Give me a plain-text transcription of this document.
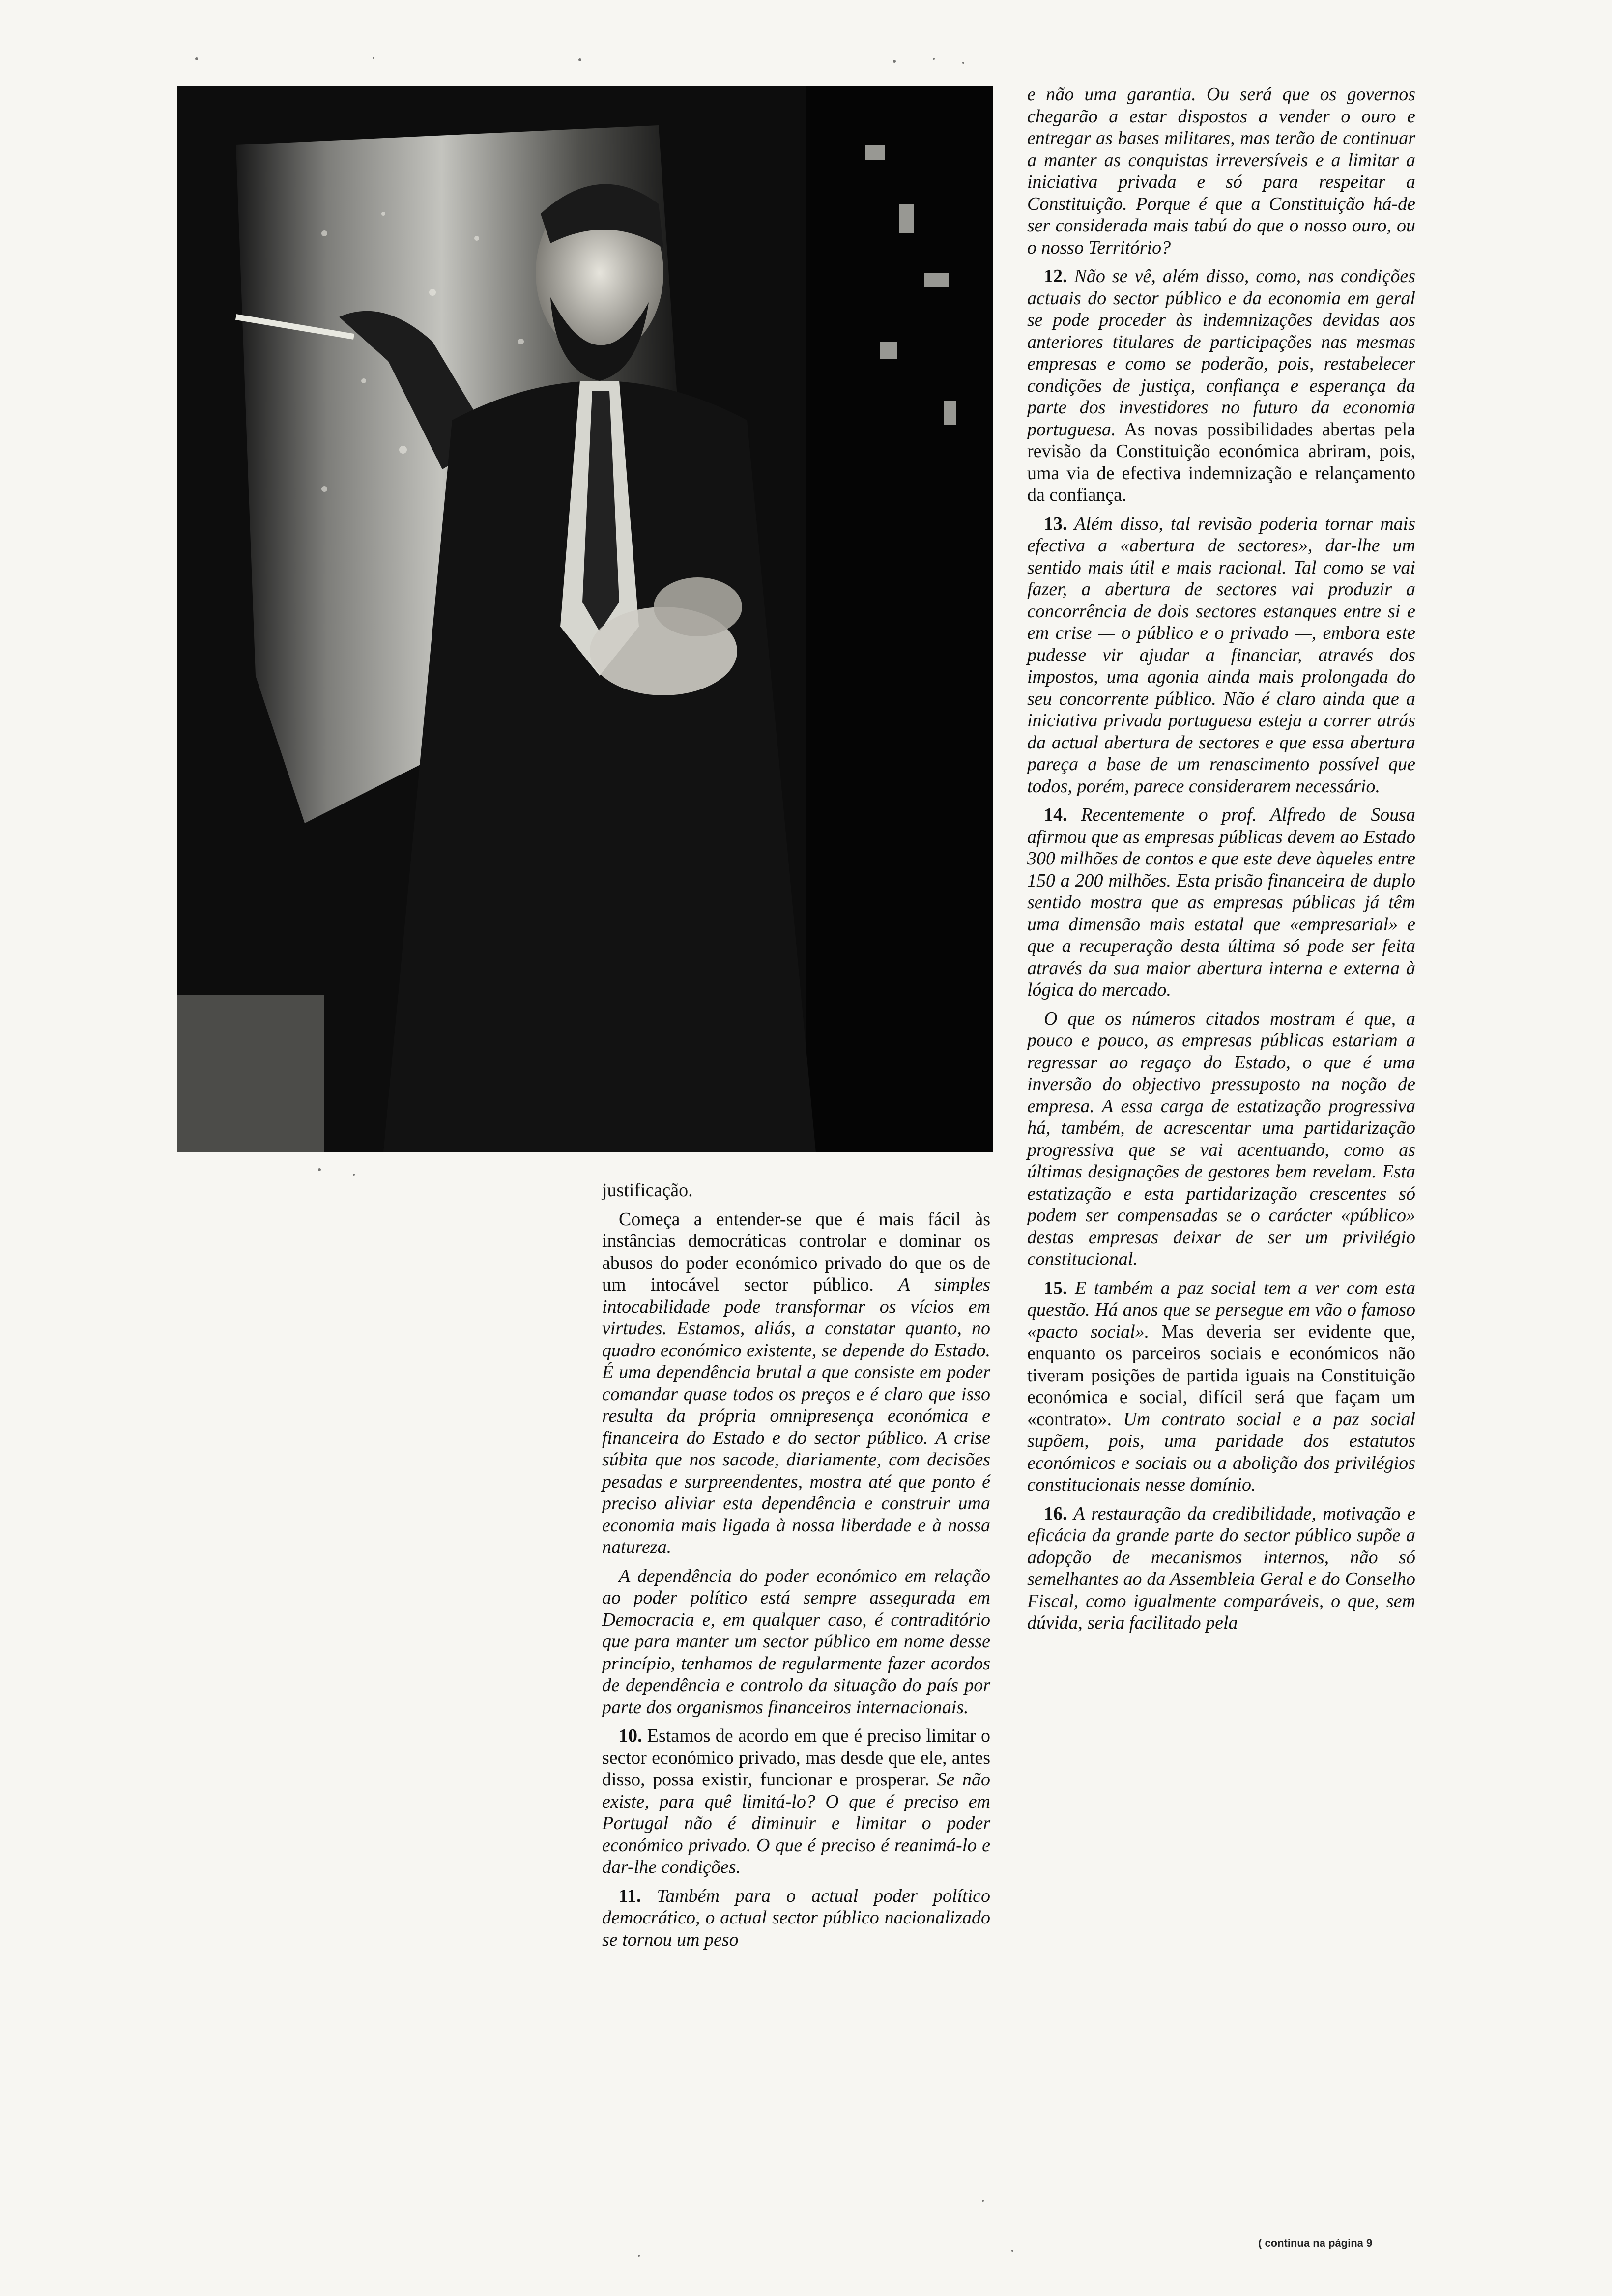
e não uma garantia. Ou será que os governos chegarão a estar dispostos a vender o ouro e entregar as bases militares, mas terão de continuar a manter as conquistas irreversíveis e a limitar a iniciativa privada e só para respeitar a Constituição. Porque é que a Constituição há-de ser considerada mais tabú do que o nosso ouro, ou o nosso Território?

12. Não se vê, além disso, como, nas condições actuais do sector público e da economia em geral se pode proceder às indemnizações devidas aos anteriores titulares de participações nas mesmas empresas e como se poderão, pois, restabelecer condições de justiça, confiança e esperança da parte dos investidores no futuro da economia portuguesa. As novas possibilidades abertas pela revisão da Constituição económica abriram, pois, uma via de efectiva indemnização e relançamento da confiança.

13. Além disso, tal revisão poderia tornar mais efectiva a «abertura de sectores», dar-lhe um sentido mais útil e mais racional. Tal como se vai fazer, a abertura de sectores vai produzir a concorrência de dois sectores estanques entre si e em crise — o público e o privado —, embora este pudesse vir ajudar a financiar, através dos impostos, uma agonia ainda mais prolongada do seu concorrente público. Não é claro ainda que a iniciativa privada portuguesa esteja a correr atrás da actual abertura de sectores e que essa abertura pareça a base de um renascimento possível que todos, porém, parece considerarem necessário.

14. Recentemente o prof. Alfredo de Sousa afirmou que as empresas públicas devem ao Estado 300 milhões de contos e que este deve àqueles entre 150 a 200 milhões. Esta prisão financeira de duplo sentido mostra que as empresas públicas já têm uma dimensão mais estatal que «empresarial» e que a recuperação desta última só pode ser feita através da sua maior abertura interna e externa à lógica do mercado.

O que os números citados mostram é que, a pouco e pouco, as empresas públicas estariam a regressar ao regaço do Estado, o que é uma inversão do objectivo pressuposto na noção de empresa. A essa carga de estatização progressiva há, também, de acrescentar uma partidarização progressiva que se vai acentuando, como as últimas designações de gestores bem revelam. Esta estatização e esta partidarização crescentes só podem ser compensadas se o carácter «público» destas empresas deixar de ser um privilégio constitucional.

15. E também a paz social tem a ver com esta questão. Há anos que se persegue em vão o famoso «pacto social». Mas deveria ser evidente que, enquanto os parceiros sociais e económicos não tiveram posições de partida iguais na Constituição económica e social, difícil será que façam um «contrato». Um contrato social e a paz social supõem, pois, uma paridade dos estatutos económicos e sociais ou a abolição dos privilégios constitucionais nesse domínio.

16. A restauração da credibilidade, motivação e eficácia da grande parte do sector público supõe a adopção de mecanismos internos, não só semelhantes ao da Assembleia Geral e do Conselho Fiscal, como igualmente comparáveis, o que, sem dúvida, seria facilitado pela

justificação.

Começa a entender-se que é mais fácil às instâncias democráticas controlar e dominar os abusos do poder económico privado do que os de um intocável sector público. A simples intocabilidade pode transformar os vícios em virtudes. Estamos, aliás, a constatar quanto, no quadro económico existente, se depende do Estado. É uma dependência brutal a que consiste em poder comandar quase todos os preços e é claro que isso resulta da própria omnipresença económica e financeira do Estado e do sector público. A crise súbita que nos sacode, diariamente, com decisões pesadas e surpreendentes, mostra até que ponto é preciso aliviar esta dependência e construir uma economia mais ligada à nossa liberdade e à nossa natureza.

A dependência do poder económico em relação ao poder político está sempre assegurada em Democracia e, em qualquer caso, é contraditório que para manter um sector público em nome desse princípio, tenhamos de regularmente fazer acordos de dependência e controlo da situação do país por parte dos organismos financeiros internacionais.

10. Estamos de acordo em que é preciso limitar o sector económico privado, mas desde que ele, antes disso, possa existir, funcionar e prosperar. Se não existe, para quê limitá-lo? O que é preciso em Portugal não é diminuir e limitar o poder económico privado. O que é preciso é reanimá-lo e dar-lhe condições.

11. Também para o actual poder político democrático, o actual sector público nacionalizado se tornou um peso

( continua na página 9
